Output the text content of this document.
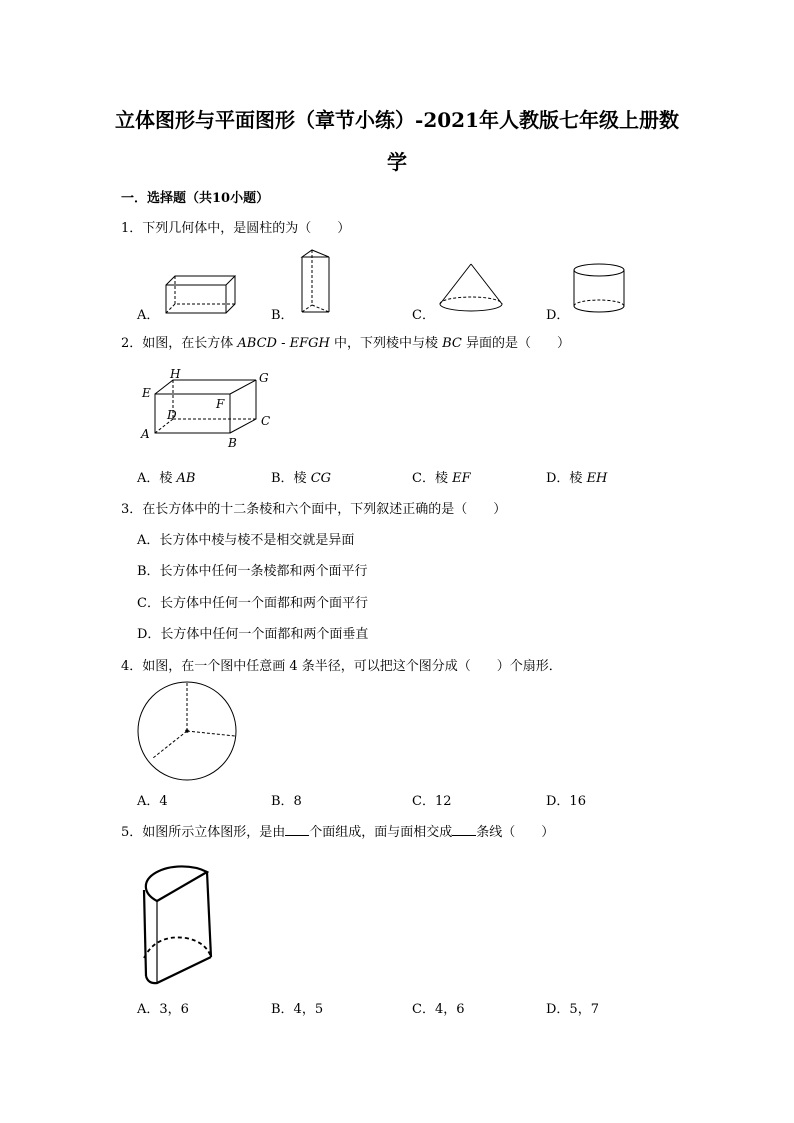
立体图形与平面图形（章节小练）-2021年人教版七年级上册数
学
一．选择题（共10小题）
1．下列几何体中，是圆柱的为（　　）
A．	B．	C．	D．
2．如图，在长方体 ABCD - EFGH 中，下列棱中与棱 BC 异面的是（　　）
H	G
E
F
D	C
A
B
A．棱 AB	B．棱 CG	C．棱 EF	D．棱 EH
3．在长方体中的十二条棱和六个面中，下列叙述正确的是（　　）
A．长方体中棱与棱不是相交就是异面
B．长方体中任何一条棱都和两个面平行
C．长方体中任何一个面都和两个面平行
D．长方体中任何一个面都和两个面垂直
4．如图，在一个图中任意画 4 条半径，可以把这个图分成（　　）个扇形．
A．4	B．8	C．12	D．16
5．如图所示立体图形，是由 个面组成，面与面相交成 条线（　　）
A．3，6	B．4，5	C．4，6	D．5，7
